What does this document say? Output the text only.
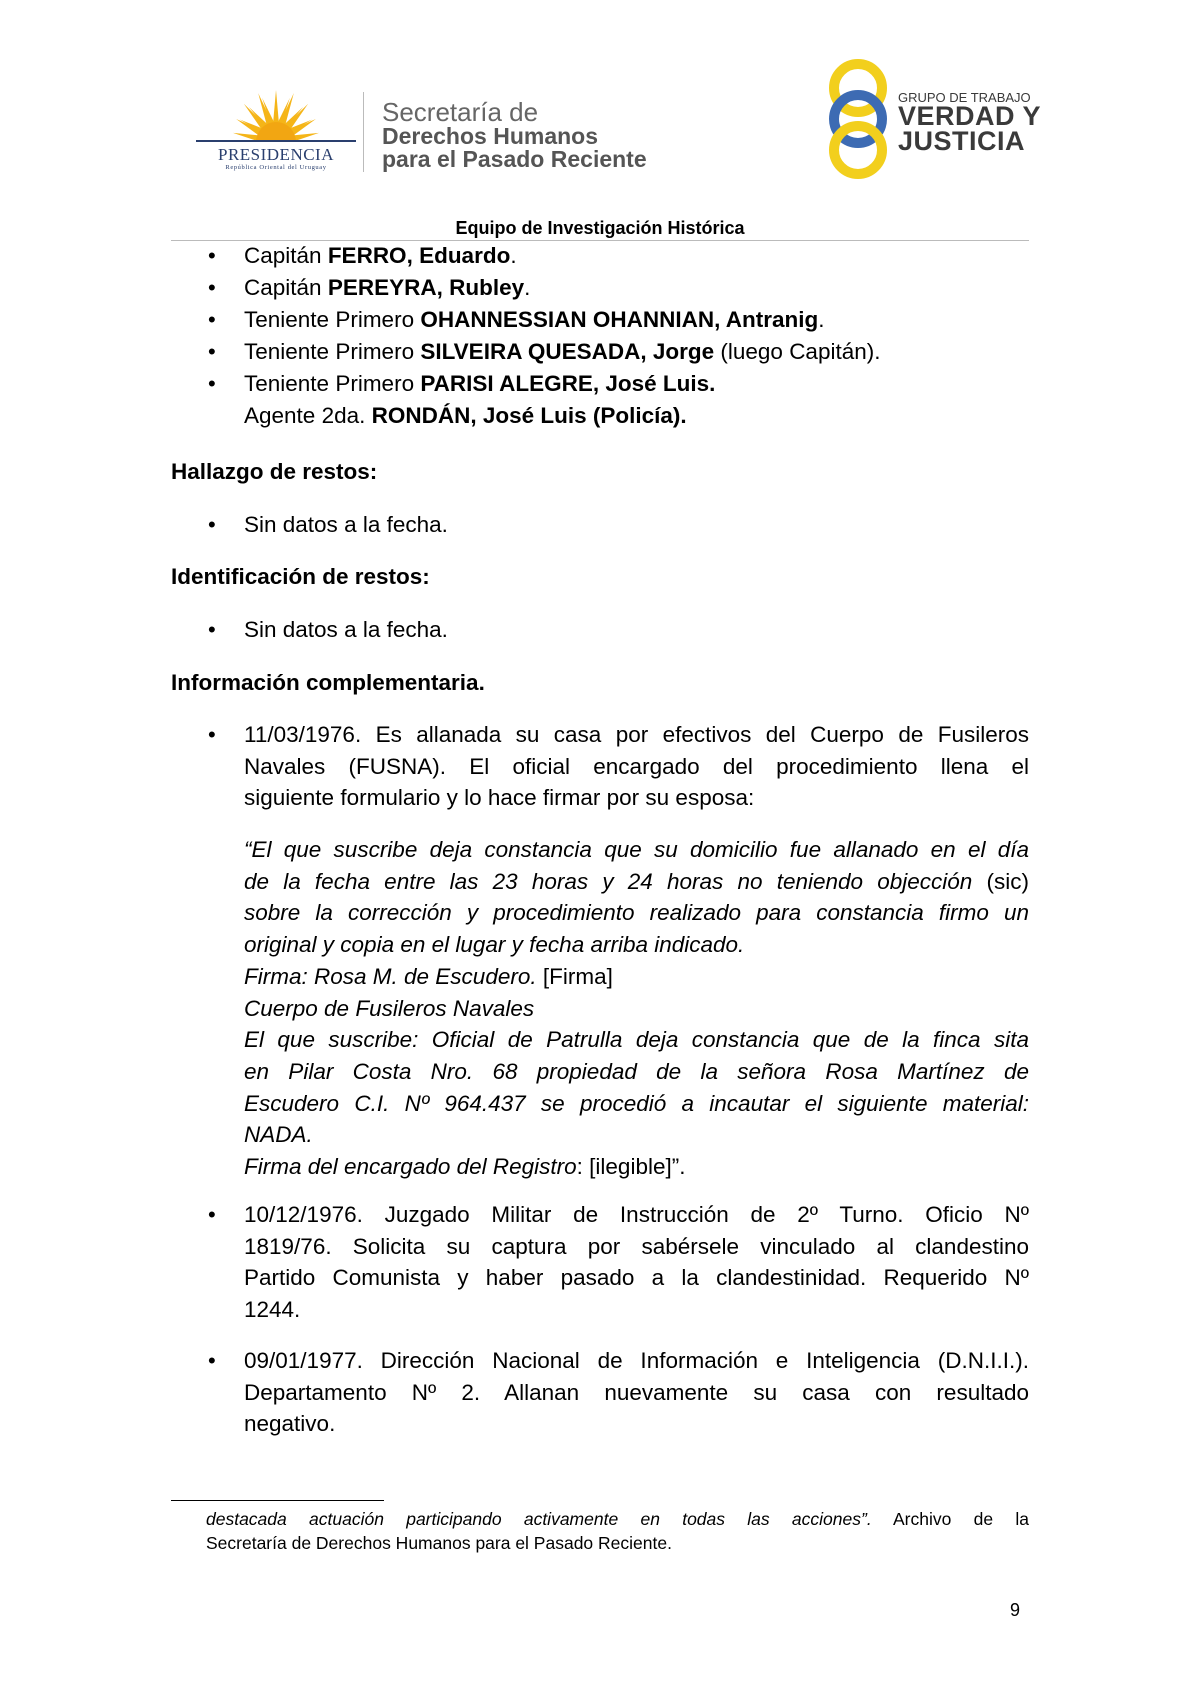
PRESIDENCIA
República Oriental del Uruguay
Secretaría de
Derechos Humanos
para el Pasado Reciente
GRUPO DE TRABAJO
VERDAD Y
JUSTICIA
Equipo de Investigación Histórica
• Capitán FERRO, Eduardo.
• Capitán PEREYRA, Rubley.
• Teniente Primero OHANNESSIAN OHANNIAN, Antranig.
• Teniente Primero SILVEIRA QUESADA, Jorge (luego Capitán).
• Teniente Primero PARISI ALEGRE, José Luis.
Agente 2da. RONDÁN, José Luis (Policía).
Hallazgo de restos:
• Sin datos a la fecha.
Identificación de restos:
• Sin datos a la fecha.
Información complementaria.
• 11/03/1976. Es allanada su casa por efectivos del Cuerpo de Fusileros
Navales (FUSNA). El oficial encargado del procedimiento llena el
siguiente formulario y lo hace firmar por su esposa:
“El que suscribe deja constancia que su domicilio fue allanado en el día
de la fecha entre las 23 horas y 24 horas no teniendo objección (sic)
sobre la corrección y procedimiento realizado para constancia firmo un
original y copia en el lugar y fecha arriba indicado.
Firma: Rosa M. de Escudero. [Firma]
Cuerpo de Fusileros Navales
El que suscribe: Oficial de Patrulla deja constancia que de la finca sita
en Pilar Costa Nro. 68 propiedad de la señora Rosa Martínez de
Escudero C.I. Nº 964.437 se procedió a incautar el siguiente material:
NADA.
Firma del encargado del Registro: [ilegible]”.
• 10/12/1976. Juzgado Militar de Instrucción de 2º Turno. Oficio Nº
1819/76. Solicita su captura por sabérsele vinculado al clandestino
Partido Comunista y haber pasado a la clandestinidad. Requerido Nº
1244.
• 09/01/1977. Dirección Nacional de Información e Inteligencia (D.N.I.I.).
Departamento Nº 2. Allanan nuevamente su casa con resultado
negativo.
destacada actuación participando activamente en todas las acciones”. Archivo de la
Secretaría de Derechos Humanos para el Pasado Reciente.
9
